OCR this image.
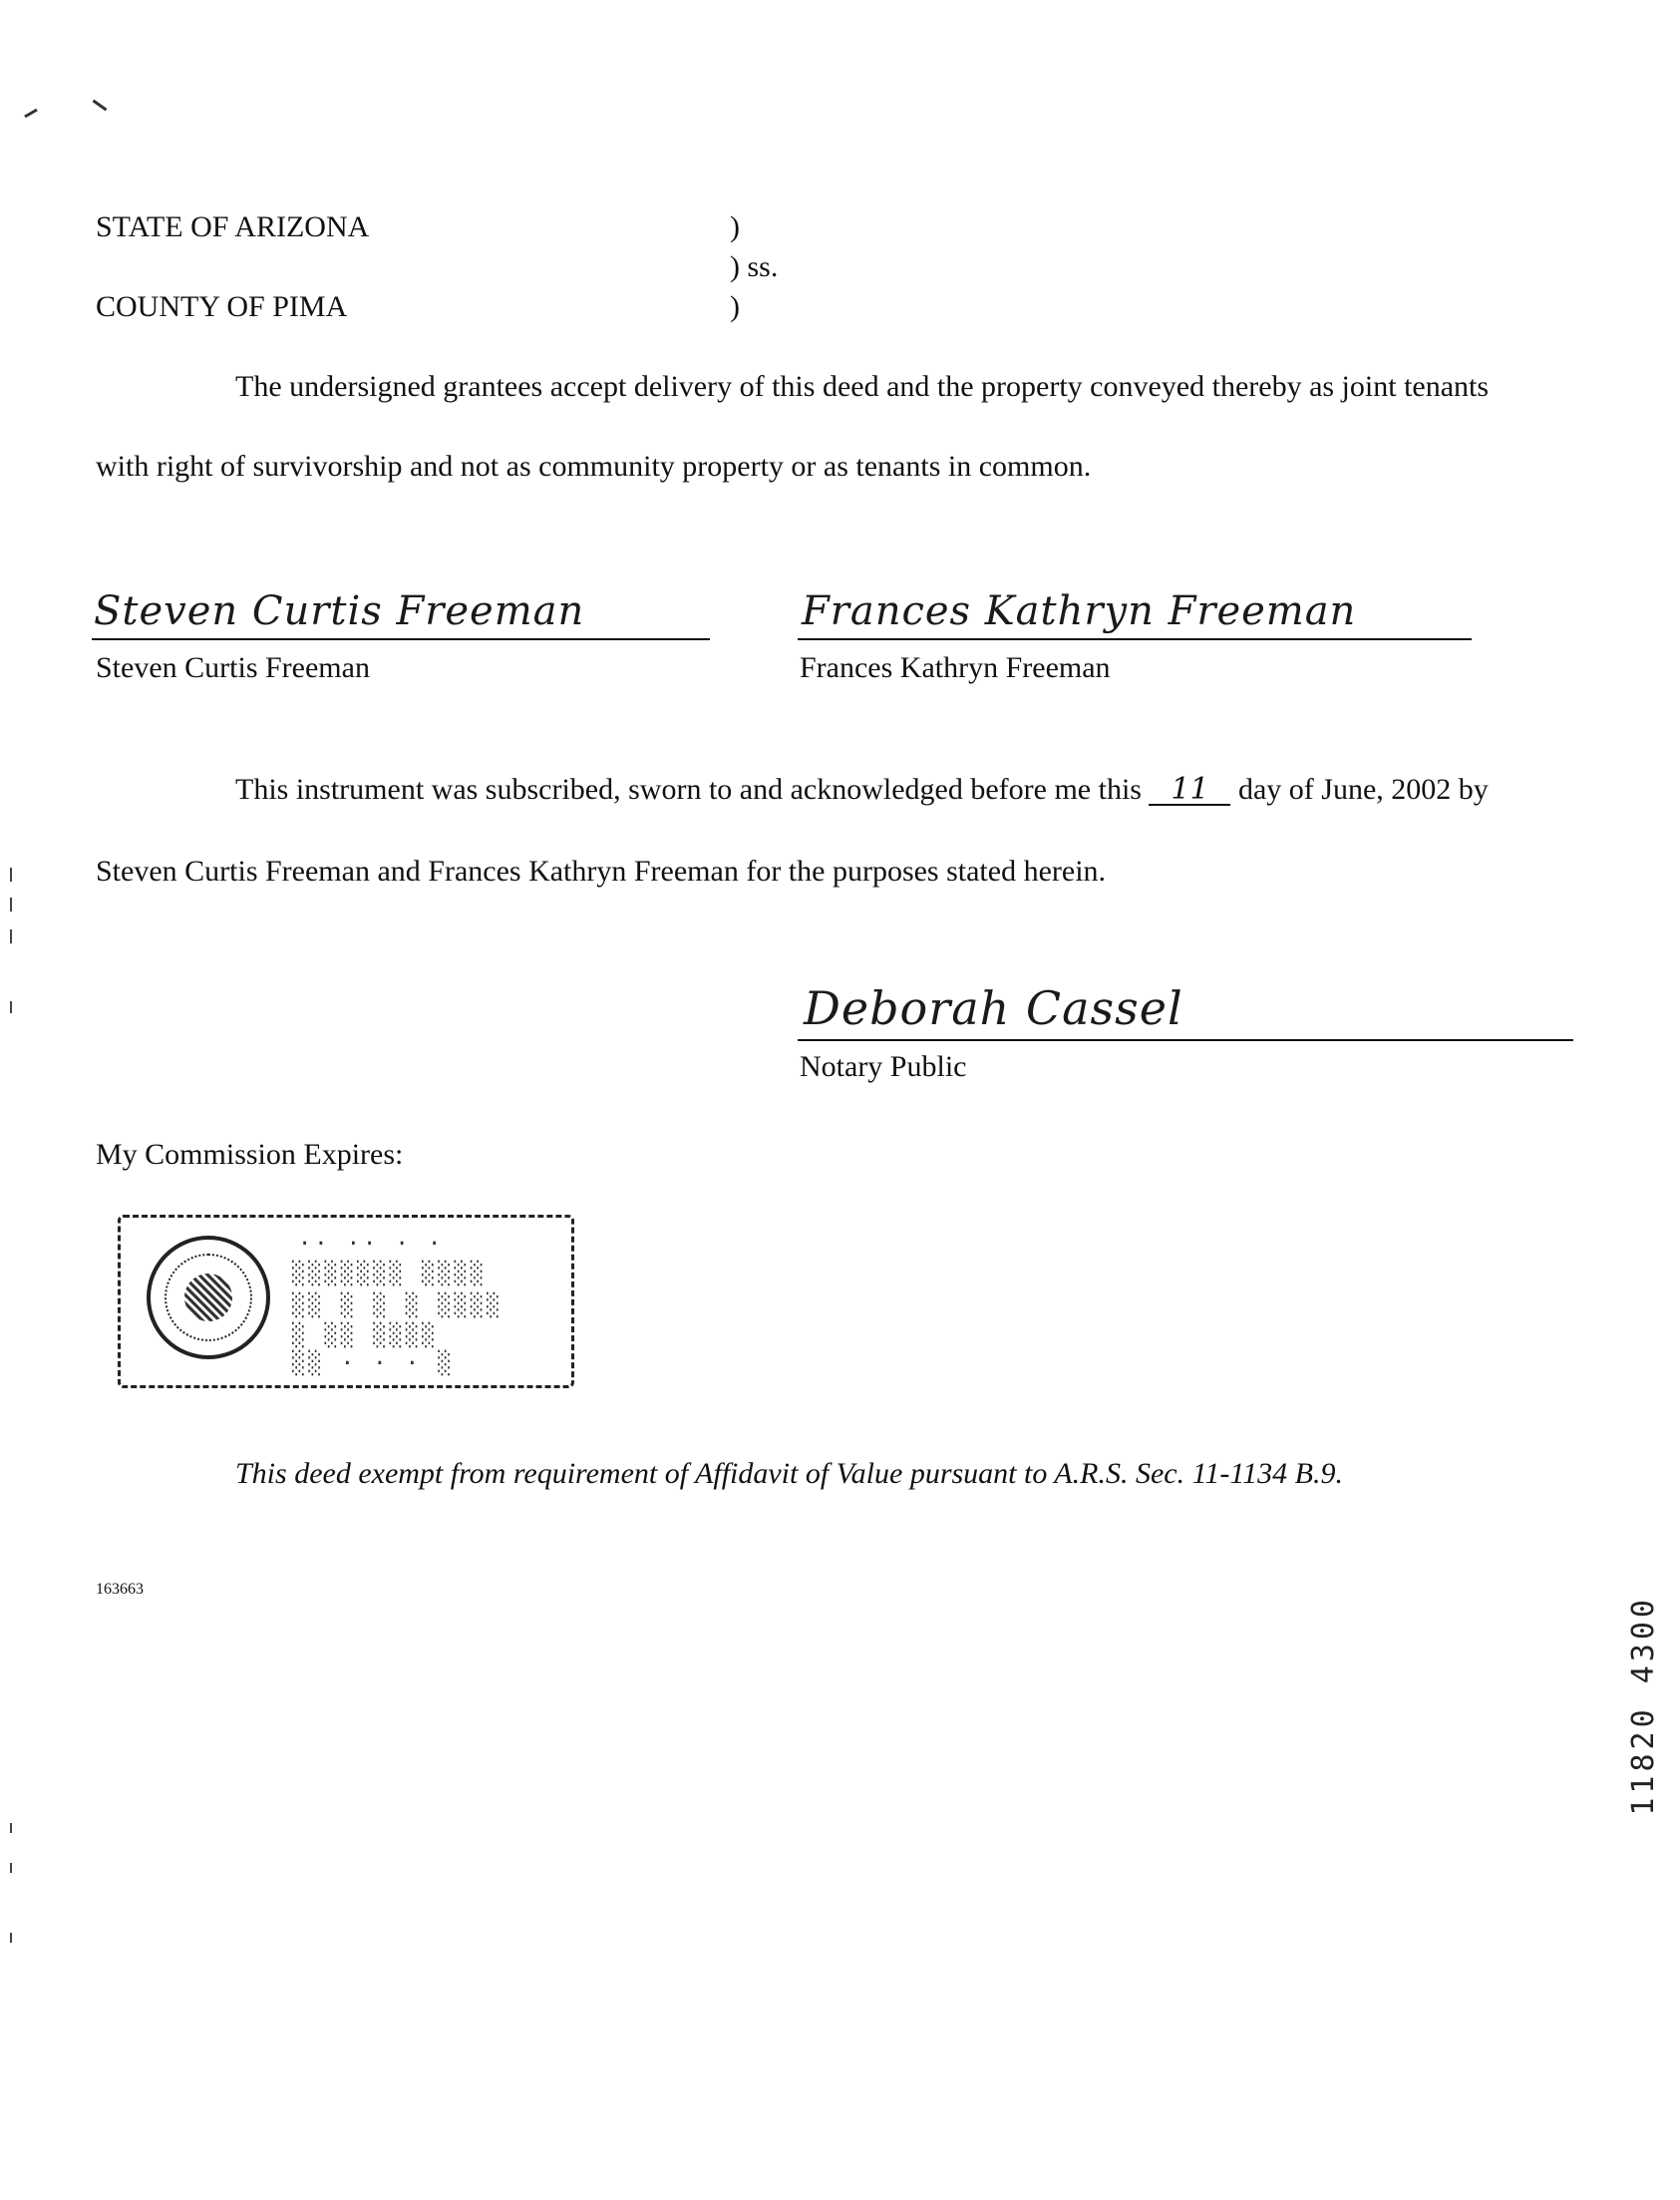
STATE OF ARIZONA
COUNTY OF PIMA
)
) ss.
)
The undersigned grantees accept delivery of this deed and the property conveyed thereby as joint tenants
with right of survivorship and not as community property or as tenants in common.
Steven Curtis Freeman
Steven Curtis Freeman
Frances Kathryn Freeman
Frances Kathryn Freeman
This instrument was subscribed, sworn to and acknowledged before me this 11 day of June, 2002 by
Steven Curtis Freeman and Frances Kathryn Freeman for the purposes stated herein.
Deborah Cassel
Notary Public
My Commission Expires:
·· ·· · ·
░░░░░░░ ░░░░
░░ ░ ░ ░ ░░░░
░ ░░ ░░░░
░░ · · · ░
This deed exempt from requirement of Affidavit of Value pursuant to A.R.S. Sec. 11-1134 B.9.
163663
11820 4300
